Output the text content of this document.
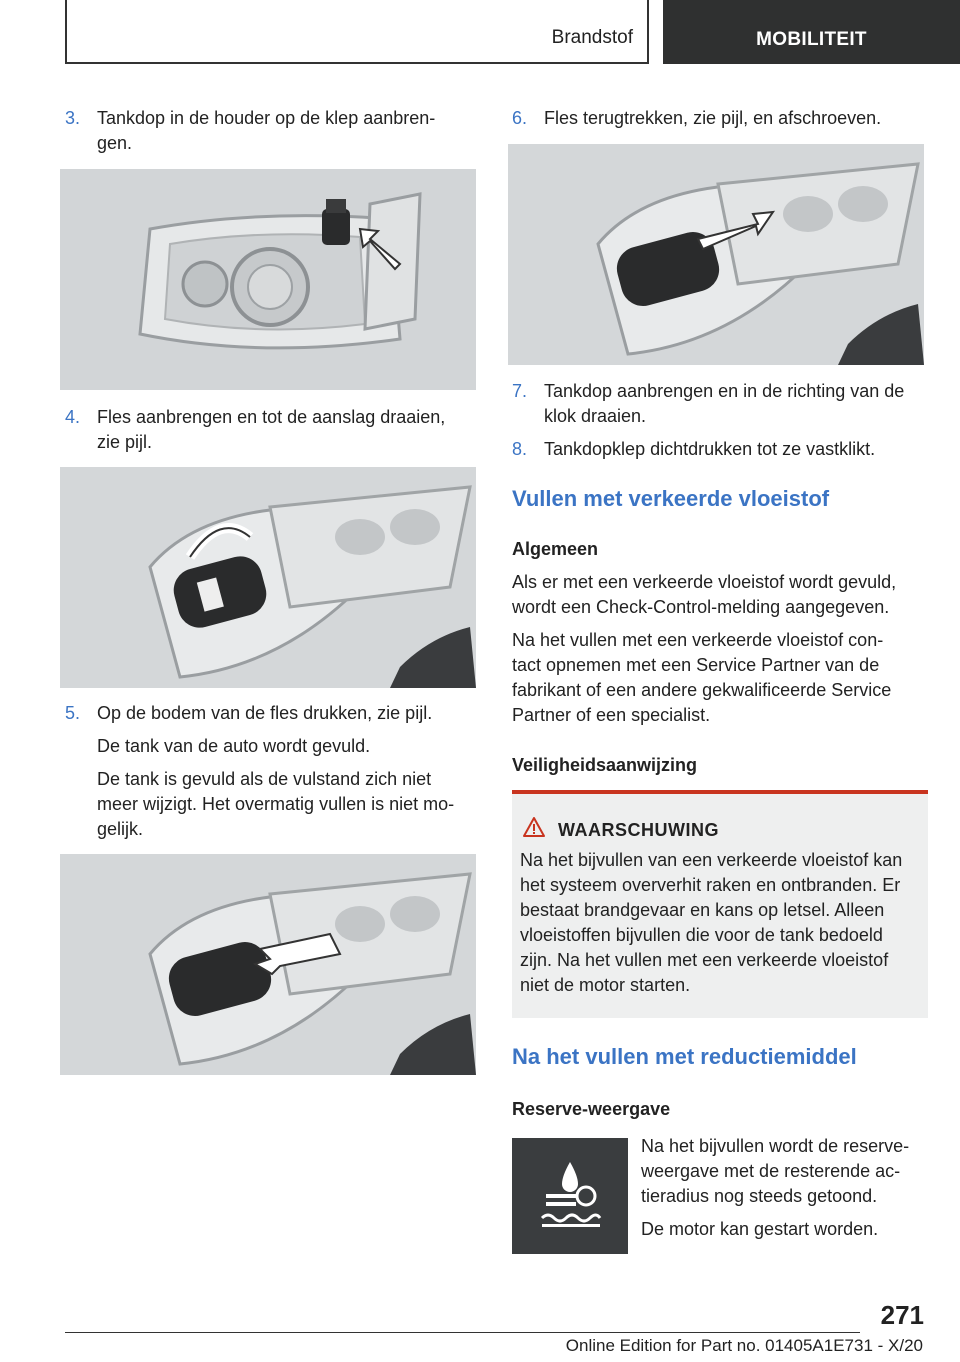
Brandstof	MOBILITEIT
3. Tankdop in de houder op de klep aanbren-
gen.
4. Fles aanbrengen en tot de aanslag draaien,
zie pijl.
5. Op de bodem van de fles drukken, zie pijl.
De tank van de auto wordt gevuld.
De tank is gevuld als de vulstand zich niet
meer wijzigt. Het overmatig vullen is niet mo-
gelijk.
6. Fles terugtrekken, zie pijl, en afschroeven.
7. Tankdop aanbrengen en in de richting van de
klok draaien.
8. Tankdopklep dichtdrukken tot ze vastklikt.
Vullen met verkeerde vloeistof
Algemeen
Als er met een verkeerde vloeistof wordt gevuld,
wordt een Check-Control-melding aangegeven.
Na het vullen met een verkeerde vloeistof con-
tact opnemen met een Service Partner van de
fabrikant of een andere gekwalificeerde Service
Partner of een specialist.
Veiligheidsaanwijzing
WAARSCHUWING
Na het bijvullen van een verkeerde vloeistof kan
het systeem oververhit raken en ontbranden. Er
bestaat brandgevaar en kans op letsel. Alleen
vloeistoffen bijvullen die voor de tank bedoeld
zijn. Na het vullen met een verkeerde vloeistof
niet de motor starten.
Na het vullen met reductiemiddel
Reserve-weergave
Na het bijvullen wordt de reserve-
weergave met de resterende ac-
tieradius nog steeds getoond.
De motor kan gestart worden.
271
Online Edition for Part no. 01405A1E731 - X/20
